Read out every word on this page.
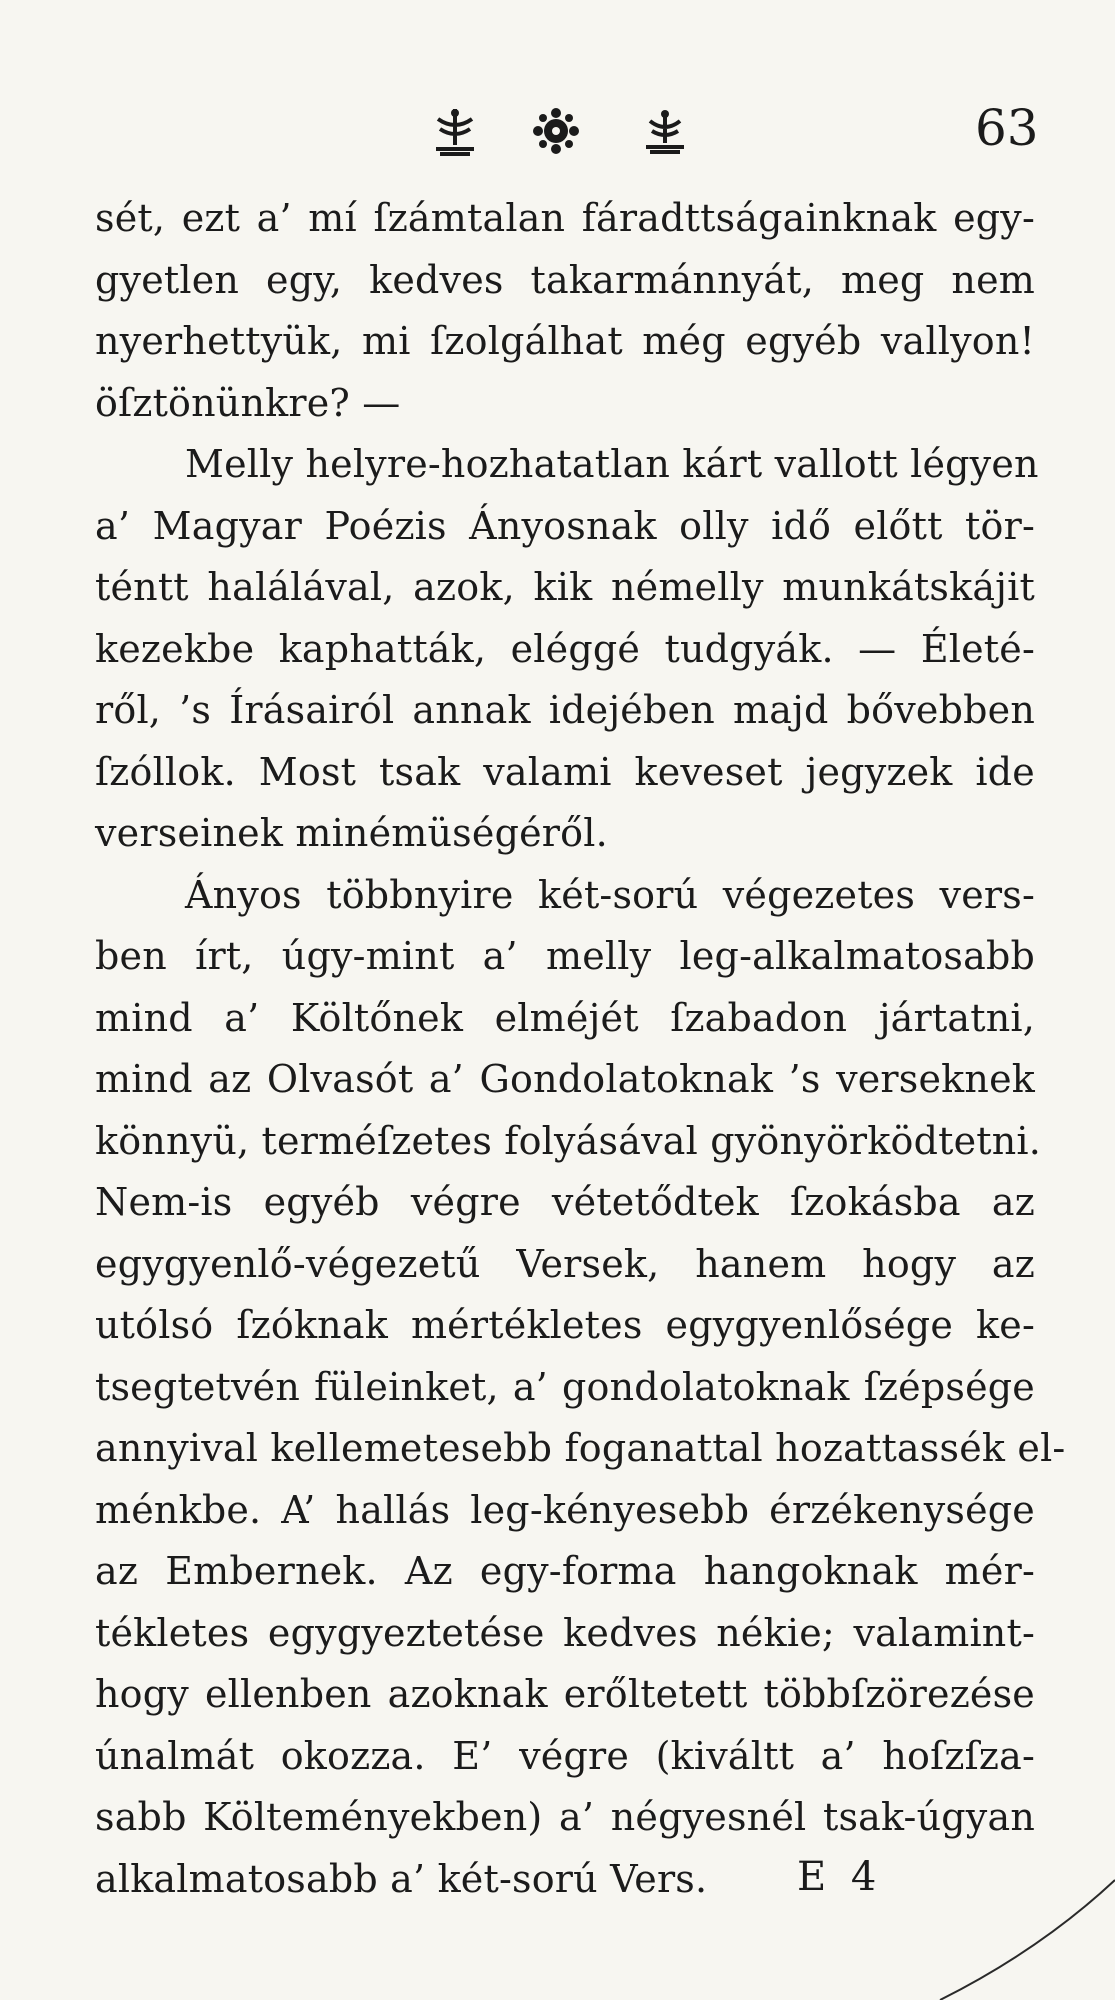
63
sét, ezt a’ mí ſzámtalan fáradttságainknak egy-
gyetlen egy, kedves takarmánnyát, meg nem
nyerhettyük, mi ſzolgálhat még egyéb vallyon!
öſztönünkre? —
Melly helyre-hozhatatlan kárt vallott légyen
a’ Magyar Poézis Ányosnak olly idő előtt tör-
téntt halálával, azok, kik némelly munkátskájit
kezekbe kaphatták, eléggé tudgyák. — Életé-
ről, ’s Írásairól annak idejében majd bővebben
ſzóllok. Most tsak valami keveset jegyzek ide
verseinek minémüségéről.
Ányos többnyire két-sorú végezetes vers-
ben írt, úgy-mint a’ melly leg-alkalmatosabb
mind a’ Költőnek elméjét ſzabadon jártatni,
mind az Olvasót a’ Gondolatoknak ’s verseknek
könnyü, terméſzetes folyásával gyönyörködtetni.
Nem-is egyéb végre vétetődtek ſzokásba az
egygyenlő-végezetű Versek, hanem hogy az
utólsó ſzóknak mértékletes egygyenlősége ke-
tsegtetvén füleinket, a’ gondolatoknak ſzépsége
annyival kellemetesebb foganattal hozattassék el-
ménkbe. A’ hallás leg-kényesebb érzékenysége
az Embernek. Az egy-forma hangoknak mér-
tékletes egygyeztetése kedves nékie; valamint-
hogy ellenben azoknak erőltetett többſzörezése
únalmát okozza. E’ végre (kiváltt a’ hoſzſza-
sabb Költeményekben) a’ négyesnél tsak-úgyan
alkalmatosabb a’ két-sorú Vers.	E 4
